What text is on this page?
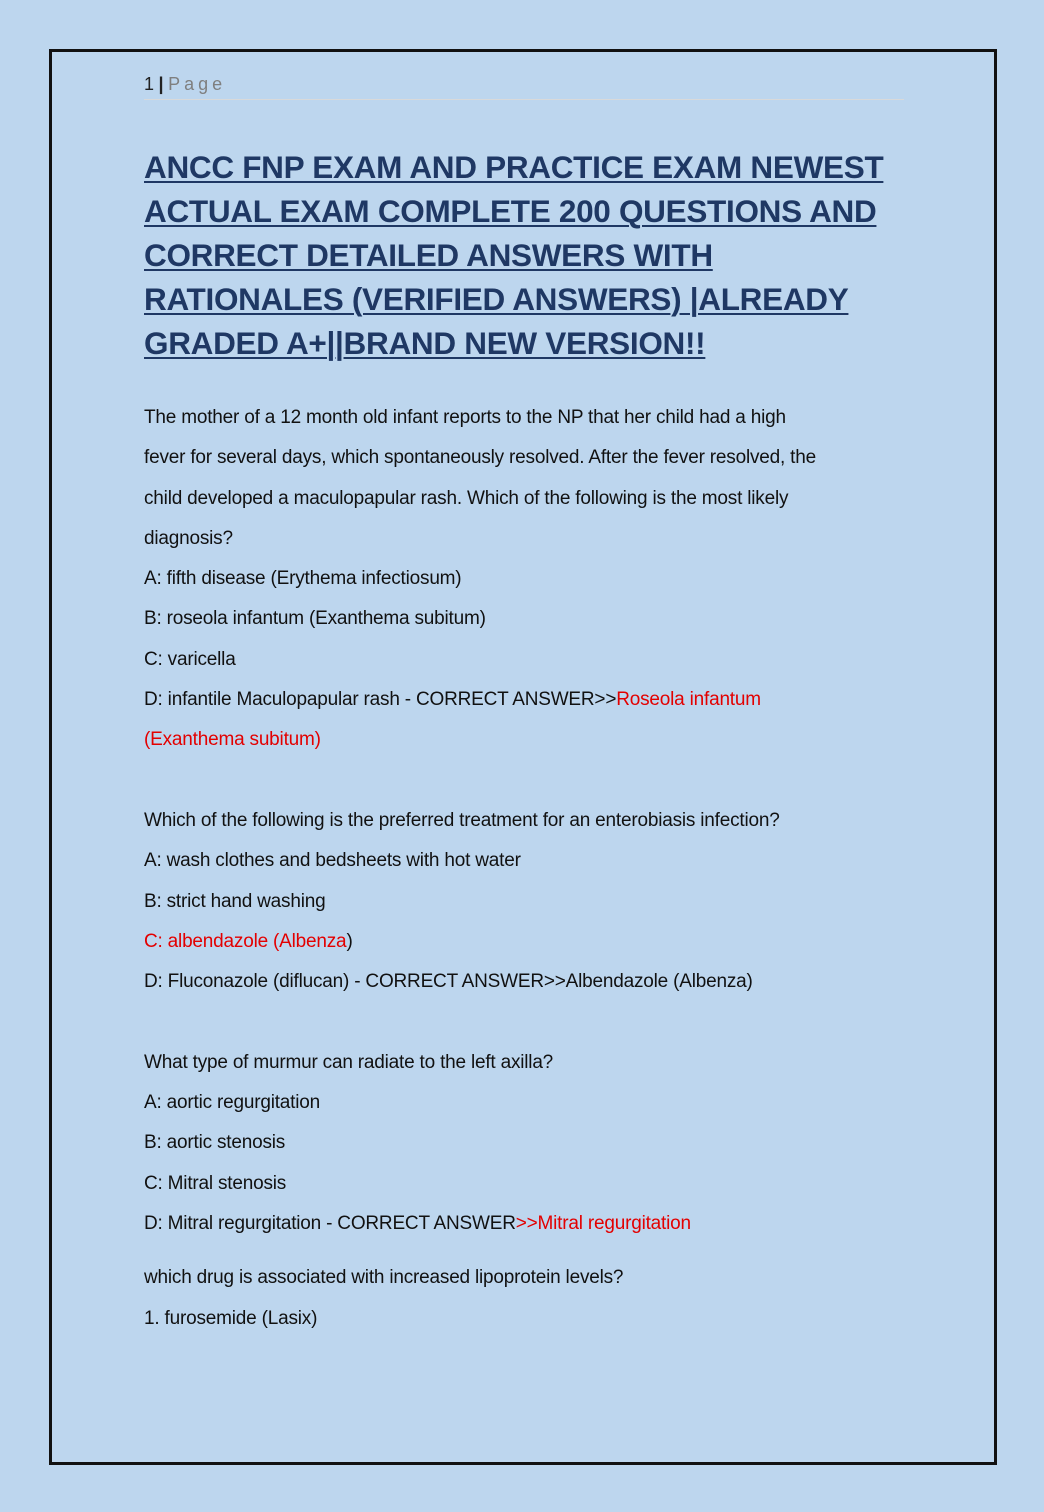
1 | Page
ANCC FNP EXAM AND PRACTICE EXAM NEWEST ACTUAL EXAM COMPLETE 200 QUESTIONS AND CORRECT DETAILED ANSWERS WITH RATIONALES (VERIFIED ANSWERS) |ALREADY GRADED A+||BRAND NEW VERSION!!
The mother of a 12 month old infant reports to the NP that her child had a high
fever for several days, which spontaneously resolved. After the fever resolved, the
child developed a maculopapular rash. Which of the following is the most likely
diagnosis?
A: fifth disease (Erythema infectiosum)
B: roseola infantum (Exanthema subitum)
C: varicella
D: infantile Maculopapular rash - CORRECT ANSWER>>Roseola infantum
(Exanthema subitum)
Which of the following is the preferred treatment for an enterobiasis infection?
A: wash clothes and bedsheets with hot water
B: strict hand washing
C: albendazole (Albenza)
D: Fluconazole (diflucan) - CORRECT ANSWER>>Albendazole (Albenza)
What type of murmur can radiate to the left axilla?
A: aortic regurgitation
B: aortic stenosis
C: Mitral stenosis
D: Mitral regurgitation - CORRECT ANSWER>>Mitral regurgitation
which drug is associated with increased lipoprotein levels?
1. furosemide (Lasix)
